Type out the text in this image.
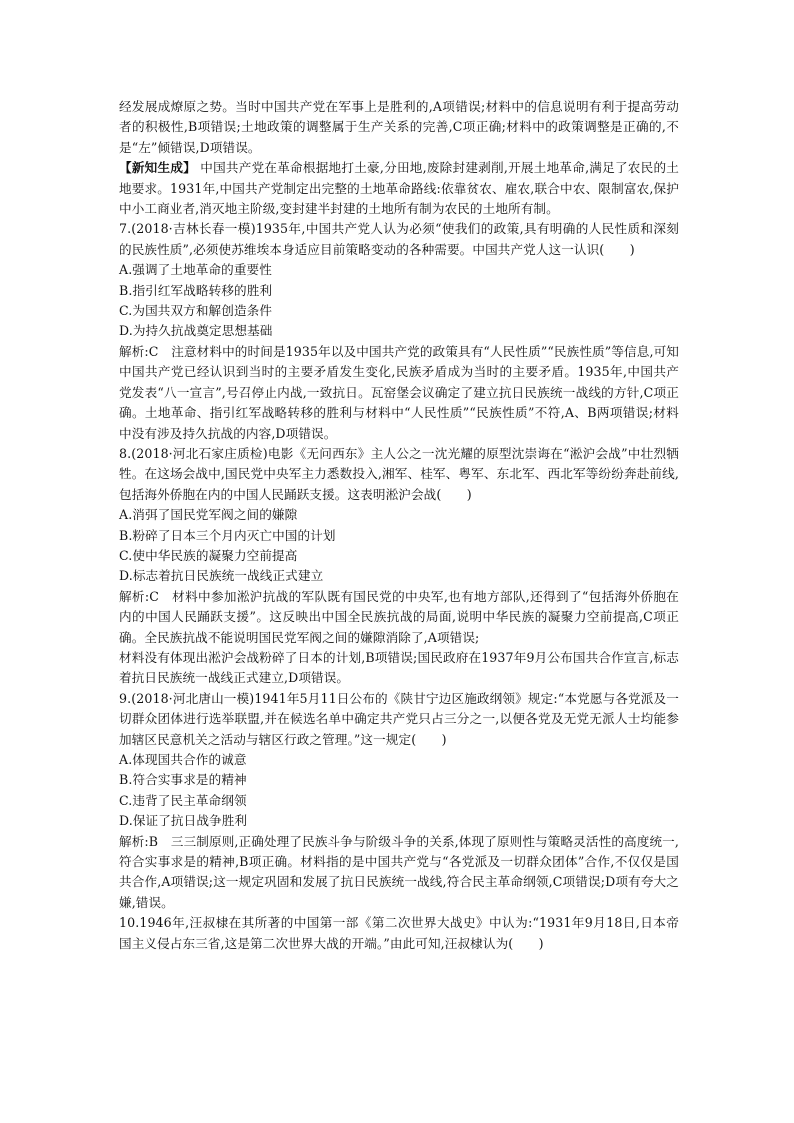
经发展成燎原之势。当时中国共产党在军事上是胜利的,A项错误;材料中的信息说明有利于提高劳动者的积极性,B项错误;土地政策的调整属于生产关系的完善,C项正确;材料中的政策调整是正确的,不是“左”倾错误,D项错误。

【新知生成】 中国共产党在革命根据地打土豪,分田地,废除封建剥削,开展土地革命,满足了农民的土地要求。1931年,中国共产党制定出完整的土地革命路线:依靠贫农、雇农,联合中农、限制富农,保护中小工商业者,消灭地主阶级,变封建半封建的土地所有制为农民的土地所有制。

7.(2018·吉林长春一模)1935年,中国共产党人认为必须“使我们的政策,具有明确的人民性质和深刻的民族性质”,必须使苏维埃本身适应目前策略变动的各种需要。中国共产党人这一认识(　　)

A.强调了土地革命的重要性

B.指引红军战略转移的胜利

C.为国共双方和解创造条件

D.为持久抗战奠定思想基础

解析:C　注意材料中的时间是1935年以及中国共产党的政策具有“人民性质”“民族性质”等信息,可知中国共产党已经认识到当时的主要矛盾发生变化,民族矛盾成为当时的主要矛盾。1935年,中国共产党发表“八一宣言”,号召停止内战,一致抗日。瓦窑堡会议确定了建立抗日民族统一战线的方针,C项正确。土地革命、指引红军战略转移的胜利与材料中“人民性质”“民族性质”不符,A、B两项错误;材料中没有涉及持久抗战的内容,D项错误。

8.(2018·河北石家庄质检)电影《无问西东》主人公之一沈光耀的原型沈崇诲在“淞沪会战”中壮烈牺牲。在这场会战中,国民党中央军主力悉数投入,湘军、桂军、粤军、东北军、西北军等纷纷奔赴前线,包括海外侨胞在内的中国人民踊跃支援。这表明淞沪会战(　　)

A.消弭了国民党军阀之间的嫌隙

B.粉碎了日本三个月内灭亡中国的计划

C.使中华民族的凝聚力空前提高

D.标志着抗日民族统一战线正式建立

解析:C　材料中参加淞沪抗战的军队既有国民党的中央军,也有地方部队,还得到了“包括海外侨胞在内的中国人民踊跃支援”。这反映出中国全民族抗战的局面,说明中华民族的凝聚力空前提高,C项正确。全民族抗战不能说明国民党军阀之间的嫌隙消除了,A项错误;

材料没有体现出淞沪会战粉碎了日本的计划,B项错误;国民政府在1937年9月公布国共合作宣言,标志着抗日民族统一战线正式建立,D项错误。

9.(2018·河北唐山一模)1941年5月11日公布的《陕甘宁边区施政纲领》规定:“本党愿与各党派及一切群众团体进行选举联盟,并在候选名单中确定共产党只占三分之一,以便各党及无党无派人士均能参加辖区民意机关之活动与辖区行政之管理。”这一规定(　　)

A.体现国共合作的诚意

B.符合实事求是的精神

C.违背了民主革命纲领

D.保证了抗日战争胜利

解析:B　三三制原则,正确处理了民族斗争与阶级斗争的关系,体现了原则性与策略灵活性的高度统一,符合实事求是的精神,B项正确。材料指的是中国共产党与“各党派及一切群众团体”合作,不仅仅是国共合作,A项错误;这一规定巩固和发展了抗日民族统一战线,符合民主革命纲领,C项错误;D项有夸大之嫌,错误。

10.1946年,汪叔棣在其所著的中国第一部《第二次世界大战史》中认为:“1931年9月18日,日本帝国主义侵占东三省,这是第二次世界大战的开端。”由此可知,汪叔棣认为(　　)
